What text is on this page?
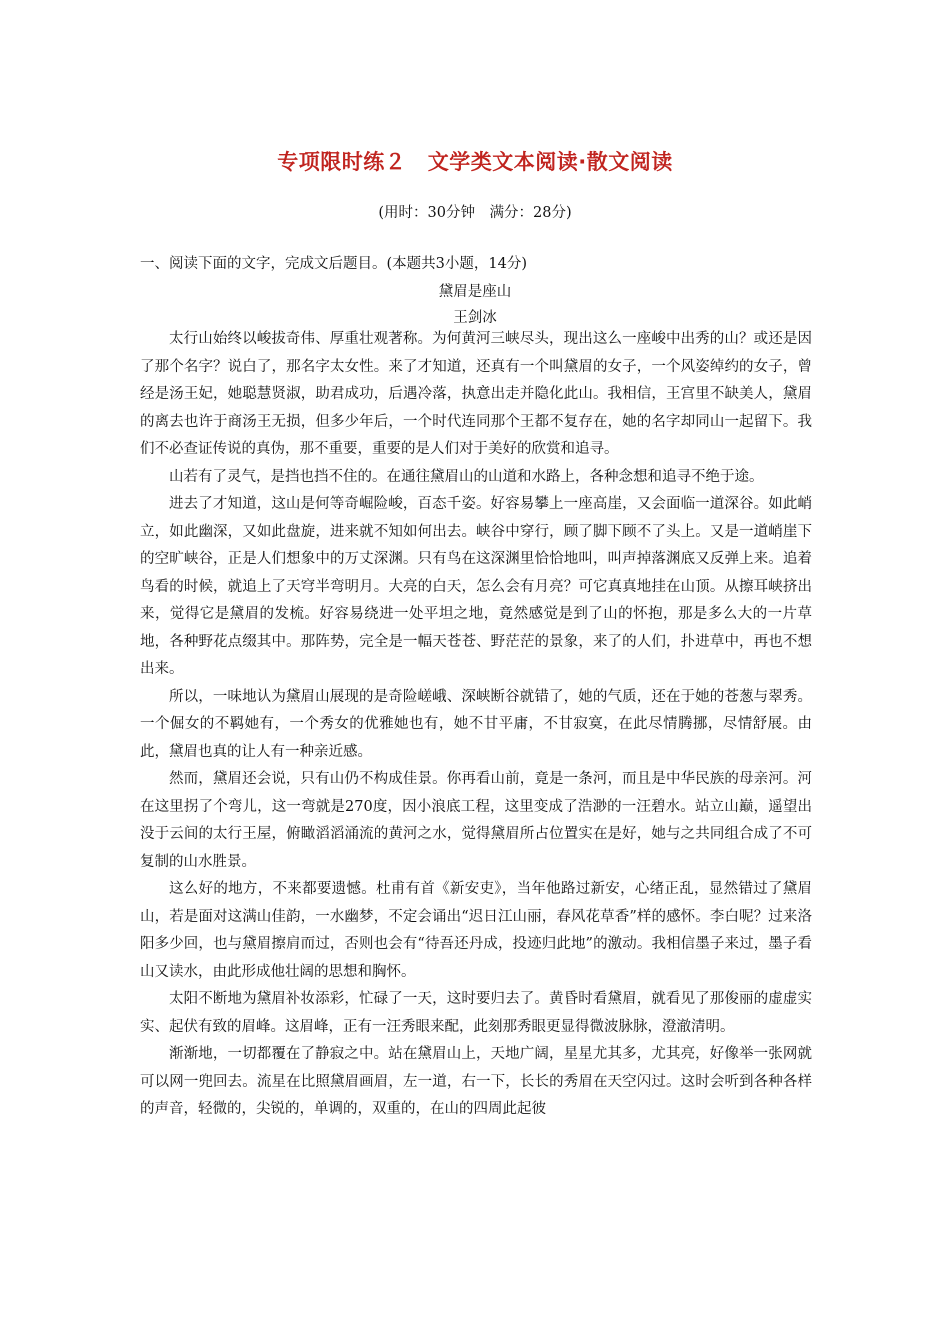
专项限时练２　文学类文本阅读·散文阅读
(用时：30分钟　满分：28分)
一、阅读下面的文字，完成文后题目。(本题共3小题，14分)
黛眉是座山
王剑冰

太行山始终以峻拔奇伟、厚重壮观著称。为何黄河三峡尽头，现出这么一座峻中出秀的山？或还是因了那个名字？说白了，那名字太女性。来了才知道，还真有一个叫黛眉的女子，一个风姿绰约的女子，曾经是汤王妃，她聪慧贤淑，助君成功，后遇冷落，执意出走并隐化此山。我相信，王宫里不缺美人，黛眉的离去也许于商汤王无损，但多少年后，一个时代连同那个王都不复存在，她的名字却同山一起留下。我们不必查证传说的真伪，那不重要，重要的是人们对于美好的欣赏和追寻。

山若有了灵气，是挡也挡不住的。在通往黛眉山的山道和水路上，各种念想和追寻不绝于途。

进去了才知道，这山是何等奇崛险峻，百态千姿。好容易攀上一座高崖，又会面临一道深谷。如此峭立，如此幽深，又如此盘旋，进来就不知如何出去。峡谷中穿行，顾了脚下顾不了头上。又是一道峭崖下的空旷峡谷，正是人们想象中的万丈深渊。只有鸟在这深渊里恰恰地叫，叫声掉落渊底又反弹上来。追着鸟看的时候，就追上了天穹半弯明月。大亮的白天，怎么会有月亮？可它真真地挂在山顶。从擦耳峡挤出来，觉得它是黛眉的发梳。好容易绕进一处平坦之地，竟然感觉是到了山的怀抱，那是多么大的一片草地，各种野花点缀其中。那阵势，完全是一幅天苍苍、野茫茫的景象，来了的人们，扑进草中，再也不想出来。

所以，一味地认为黛眉山展现的是奇险嵯峨、深峡断谷就错了，她的气质，还在于她的苍葱与翠秀。一个倔女的不羁她有，一个秀女的优雅她也有，她不甘平庸，不甘寂寞，在此尽情腾挪，尽情舒展。由此，黛眉也真的让人有一种亲近感。

然而，黛眉还会说，只有山仍不构成佳景。你再看山前，竟是一条河，而且是中华民族的母亲河。河在这里拐了个弯儿，这一弯就是270度，因小浪底工程，这里变成了浩渺的一汪碧水。站立山巅，遥望出没于云间的太行王屋，俯瞰滔滔涌流的黄河之水，觉得黛眉所占位置实在是好，她与之共同组合成了不可复制的山水胜景。

这么好的地方，不来都要遗憾。杜甫有首《新安吏》，当年他路过新安，心绪正乱，显然错过了黛眉山，若是面对这满山佳韵，一水幽梦，不定会诵出“迟日江山丽，春风花草香”样的感怀。李白呢？过来洛阳多少回，也与黛眉擦肩而过，否则也会有“待吾还丹成，投迹归此地”的激动。我相信墨子来过，墨子看山又读水，由此形成他壮阔的思想和胸怀。

太阳不断地为黛眉补妆添彩，忙碌了一天，这时要归去了。黄昏时看黛眉，就看见了那俊丽的虚虚实实、起伏有致的眉峰。这眉峰，正有一汪秀眼来配，此刻那秀眼更显得微波脉脉，澄澈清明。

渐渐地，一切都覆在了静寂之中。站在黛眉山上，天地广阔，星星尤其多，尤其亮，好像举一张网就可以网一兜回去。流星在比照黛眉画眉，左一道，右一下，长长的秀眉在天空闪过。这时会听到各种各样的声音，轻微的，尖锐的，单调的，双重的，在山的四周此起彼
